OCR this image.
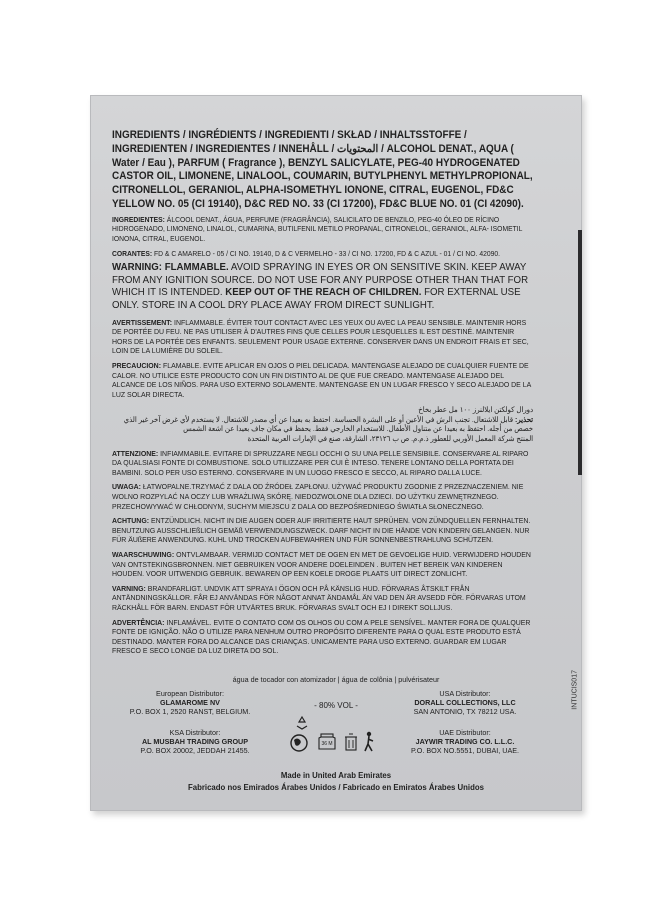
INGREDIENTS / INGRÉDIENTS / INGREDIENTI / SKŁAD / INHALTSSTOFFE / INGREDIENTEN / INGREDIENTES / INNEHÅLL / المحتويات / ALCOHOL DENAT., AQUA ( Water / Eau ), PARFUM ( Fragrance ), BENZYL SALICYLATE, PEG-40 HYDROGENATED CASTOR OIL, LIMONENE, LINALOOL, COUMARIN, BUTYLPHENYL METHYLPROPIONAL, CITRONELLOL, GERANIOL, ALPHA-ISOMETHYL IONONE, CITRAL, EUGENOL, FD&C YELLOW NO. 05 (CI 19140), D&C RED NO. 33 (CI 17200), FD&C BLUE NO. 01 (CI 42090).
INGREDIENTES: ÁLCOOL DENAT., ÁGUA, PERFUME (FRAGRÂNCIA), SALICILATO DE BENZILO, PEG-40 ÓLEO DE RÍCINO HIDROGENADO, LIMONENO, LINALOL, CUMARINA, BUTILFENIL METILO PROPANAL, CITRONELOL, GERANIOL, ALFA- ISOMETIL IONONA, CITRAL, EUGENOL.
CORANTES: FD & C AMARELO - 05 / CI NO. 19140, D & C VERMELHO - 33 / CI NO. 17200, FD & C AZUL - 01 / CI NO. 42090.
WARNING: FLAMMABLE. AVOID SPRAYING IN EYES OR ON SENSITIVE SKIN. KEEP AWAY FROM ANY IGNITION SOURCE. DO NOT USE FOR ANY PURPOSE OTHER THAN THAT FOR WHICH IT IS INTENDED. KEEP OUT OF THE REACH OF CHILDREN. FOR EXTERNAL USE ONLY. STORE IN A COOL DRY PLACE AWAY FROM DIRECT SUNLIGHT.
AVERTISSEMENT: INFLAMMABLE. ÉVITER TOUT CONTACT AVEC LES YEUX OU AVEC LA PEAU SENSIBLE. MAINTENIR HORS DE PORTÉE DU FEU. NE PAS UTILISER À D'AUTRES FINS QUE CELLES POUR LESQUELLES IL EST DESTINÉ. MAINTENIR HORS DE LA PORTÉE DES ENFANTS. SEULEMENT POUR USAGE EXTERNE. CONSERVER DANS UN ENDROIT FRAIS ET SEC, LOIN DE LA LUMIÈRE DU SOLEIL.
PRECAUCION: FLAMABLE. EVITE APLICAR EN OJOS O PIEL DELICADA. MANTENGASE ALEJADO DE CUALQUIER FUENTE DE CALOR. NO UTILICE ESTE PRODUCTO CON UN FIN DISTINTO AL DE QUE FUE CREADO. MANTENGASE ALEJADO DEL ALCANCE DE LOS NIÑOS. PARA USO EXTERNO SOLAMENTE. MANTENGASE EN UN LUGAR FRESCO Y SECO ALEJADO DE LA LUZ SOLAR DIRECTA.
دورال كولكتن ايلالنرز ١٠٠ مل عطر بخاخ
تحذير: قابل للاشتعال. تجنب الرش في الأعين أو على البشرة الحساسة. احتفظ به بعيدا عن أي مصدر للاشتعال. لا يستخدم لأي غرض آخر غير الذي خصص من أجله. احتفظ به بعيدا عن متناول الأطفال. للاستخدام الخارجي فقط. يحفظ في مكان جاف بعيدا عن اشعة الشمس
المنتج شركة المعمل الأوربي للعطور ذ.م.م. ص ب ٢٣١٢٦، الشارقة، صنع في الإمارات العربية المتحدة
ATTENZIONE: INFIAMMABILE. EVITARE DI SPRUZZARE NEGLI OCCHI O SU UNA PELLE SENSIBILE. CONSERVARE AL RIPARO DA QUALSIASI FONTE DI COMBUSTIONE. SOLO UTILIZZARE PER CUI È INTESO. TENERE LONTANO DELLA PORTATA DEI BAMBINI. SOLO PER USO ESTERNO. CONSERVARE IN UN LUOGO FRESCO E SECCO, AL RIPARO DALLA LUCE.
UWAGA: ŁATWOPALNE.TRZYMAĆ Z DALA OD ŹRÓDEŁ ZAPŁONU. UŻYWAĆ PRODUKTU ZGODNIE Z PRZEZNACZENIEM. NIE WOLNO ROZPYLAĆ NA OCZY LUB WRAŻLIWĄ SKÓRĘ. NIEDOZWOLONE DLA DZIECI. DO UŻYTKU ZEWNĘTRZNEGO. PRZECHOWYWAĆ W CHŁODNYM, SUCHYM MIEJSCU Z DALA OD BEZPOŚREDNIEGO ŚWIATŁA SŁONECZNEGO.
ACHTUNG: ENTZÜNDLICH. NICHT IN DIE AUGEN ODER AUF IRRITIERTE HAUT SPRÜHEN. VON ZÜNDQUELLEN FERNHALTEN. BENUTZUNG AUSSCHLIEßLICH GEMÄß VERWENDUNGSZWECK. DARF NICHT IN DIE HÄNDE VON KINDERN GELANGEN. NUR FÜR ÄUßERE ANWENDUNG. KUHL UND TROCKEN AUFBEWAHREN UND FÜR SONNENBESTRAHLUNG SCHÜTZEN.
WAARSCHUWING: ONTVLAMBAAR. VERMIJD CONTACT MET DE OGEN EN MET DE GEVOELIGE HUID. VERWIJDERD HOUDEN VAN ONTSTEKINGSBRONNEN. NIET GEBRUIKEN VOOR ANDERE DOELEINDEN . BUITEN HET BEREIK VAN KINDEREN HOUDEN. VOOR UITWENDIG GEBRUIK. BEWAREN OP EEN KOELE DROGE PLAATS UIT DIRECT ZONLICHT.
VARNING: BRANDFARLIGT. UNDVIK ATT SPRAYA I ÖGON OCH PÅ KÄNSLIG HUD. FÖRVARAS ÅTSKILT FRÅN ANTÄNDNINGSKÄLLOR. FÅR EJ ANVÄNDAS FÖR NÅGOT ANNAT ÄNDAMÅL ÄN VAD DEN ÄR AVSEDD FÖR. FÖRVARAS UTOM RÄCKHÅLL FÖR BARN. ENDAST FÖR UTVÄRTES BRUK. FÖRVARAS SVALT OCH EJ I DIREKT SOLLJUS.
ADVERTÊNCIA: INFLAMÁVEL. EVITE O CONTATO COM OS OLHOS OU COM A PELE SENSÍVEL. MANTER FORA DE QUALQUER FONTE DE IGNIÇÃO. NÃO O UTILIZE PARA NENHUM OUTRO PROPÓSITO DIFERENTE PARA O QUAL ESTE PRODUTO ESTÁ DESTINADO. MANTER FORA DO ALCANCE DAS CRIANÇAS. UNICAMENTE PARA USO EXTERNO. GUARDAR EM LUGAR FRESCO E SECO LONGE DA LUZ DIRETA DO SOL.
água de tocador con atomizador | água de colônia | pulvérisateur
European Distributor:
GLAMAROME NV
P.O. BOX 1, 2520 RANST, BELGIUM.
- 80% VOL -
USA Distributor:
DORALL COLLECTIONS, LLC
SAN ANTONIO, TX 78212 USA.
KSA Distributor:
AL MUSBAH TRADING GROUP
P.O. BOX 20002, JEDDAH 21455.
UAE Distributor:
JAYWIR TRADING CO. L.L.C.
P.O. BOX NO.5551, DUBAI, UAE.
36 M
Made in United Arab Emirates
Fabricado nos Emirados Árabes Unidos / Fabricado en Emiratos Árabes Unidos
INTUCIS017
